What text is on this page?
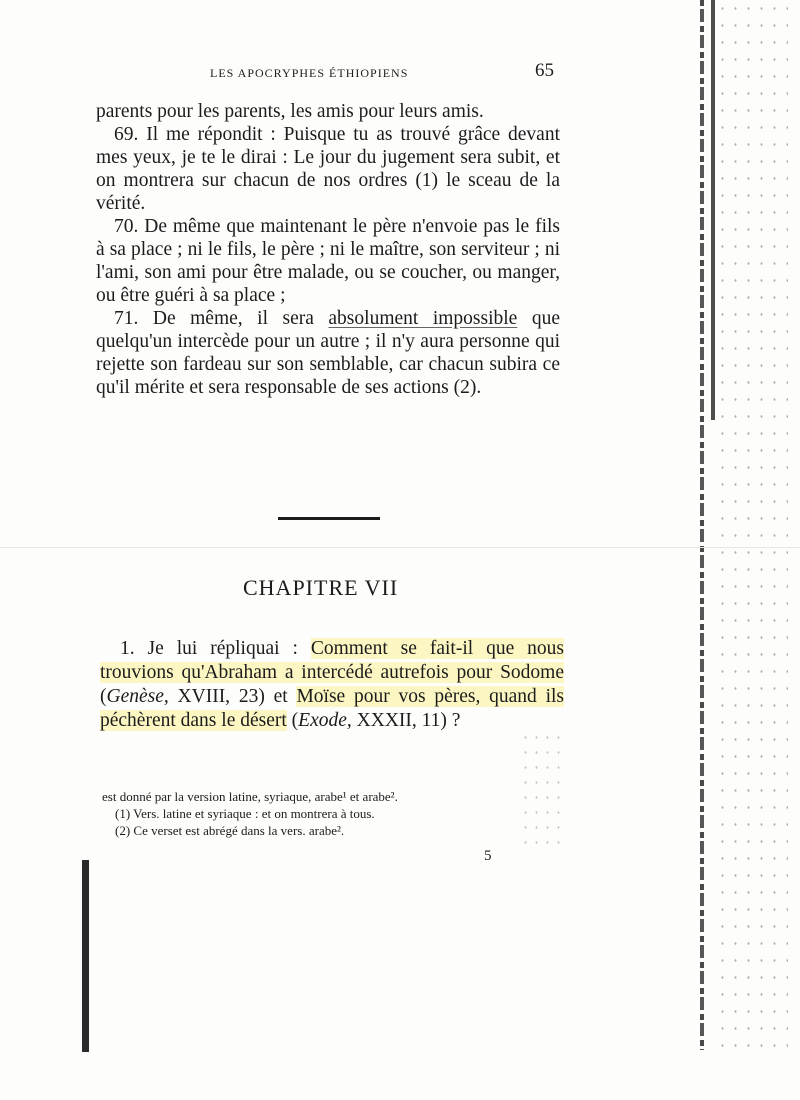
LES APOCRYPHES ÉTHIOPIENS	65

parents pour les parents, les amis pour leurs amis.

69. Il me répondit : Puisque tu as trouvé grâce devant mes yeux, je te le dirai : Le jour du jugement sera subit, et on montrera sur chacun de nos ordres (1) le sceau de la vérité.

70. De même que maintenant le père n'envoie pas le fils à sa place ; ni le fils, le père ; ni le maître, son serviteur ; ni l'ami, son ami pour être malade, ou se coucher, ou manger, ou être guéri à sa place ;

71. De même, il sera absolument impossible que quelqu'un intercède pour un autre ; il n'y aura personne qui rejette son fardeau sur son semblable, car chacun subira ce qu'il mérite et sera responsable de ses actions (2).

CHAPITRE VII

1. Je lui répliquai : Comment se fait-il que nous trouvions qu'Abraham a intercédé autrefois pour Sodome (Genèse, XVIII, 23) et Moïse pour vos pères, quand ils péchèrent dans le désert (Exode, XXXII, 11) ?

est donné par la version latine, syriaque, arabe¹ et arabe².
(1) Vers. latine et syriaque : et on montrera à tous.
(2) Ce verset est abrégé dans la vers. arabe².
5
